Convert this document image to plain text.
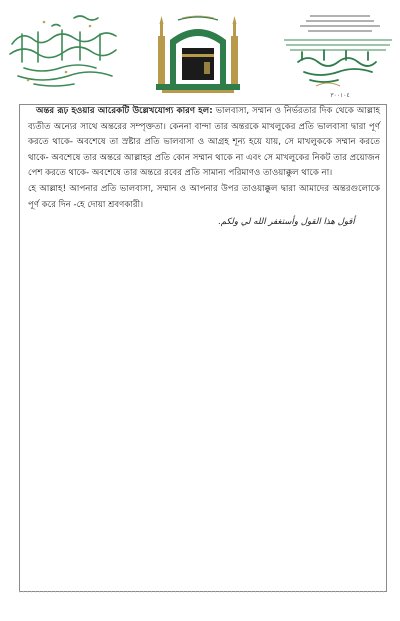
٣٠٠١٠٤

অন্তর রূঢ় হওয়ার আরেকটি উল্লেখযোগ্য কারণ হল: ভালবাসা, সম্মান ও নির্ভরতার দিক থেকে আল্লাহ ব্যতীত অন্যের সাথে অন্তরের সম্পৃক্ততা। কেননা বান্দা তার অন্তরকে মাখলুকের প্রতি ভালবাসা দ্বারা পূর্ণ করতে থাকে- অবশেষে তা স্রষ্টার প্রতি ভালবাসা ও আগ্রহ শূন্য হয়ে যায়, সে মাখলুককে সম্মান করতে থাকে- অবশেষে তার অন্তরে আল্লাহর প্রতি কোন সম্মান থাকে না এবং সে মাখলুকের নিকট তার প্রয়োজন পেশ করতে থাকে- অবশেষে তার অন্তরে রবের প্রতি সামান্য পরিমাণও তাওয়াক্কুল থাকে না।

হে আল্লাহ! আপনার প্রতি ভালবাসা, সম্মান ও আপনার উপর তাওয়াক্কুল দ্বারা আমাদের অন্তরগুলোকে পূর্ণ করে দিন -হে দোয়া শ্রবণকারী।

أقول هذا القول وأستغفر الله لي ولكم.
